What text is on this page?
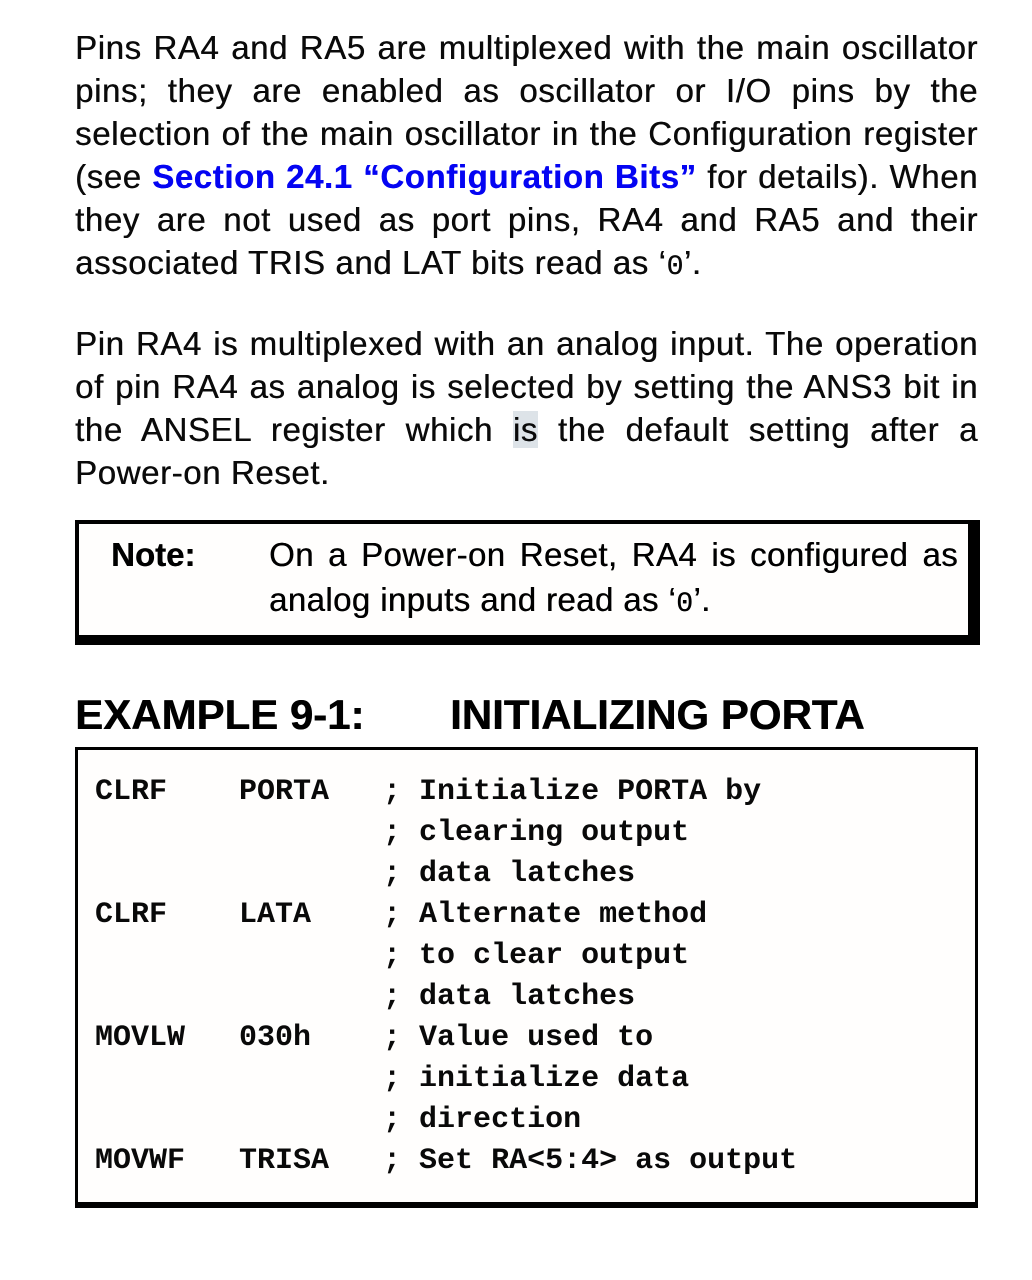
Pins RA4 and RA5 are multiplexed with the main oscillator pins; they are enabled as oscillator or I/O pins by the selection of the main oscillator in the Configuration register (see Section 24.1 “Configuration Bits” for details). When they are not used as port pins, RA4 and RA5 and their associated TRIS and LAT bits read as ‘0’.

Pin RA4 is multiplexed with an analog input. The operation of pin RA4 as analog is selected by setting the ANS3 bit in the ANSEL register which is the default setting after a Power-on Reset.

Note:	On a Power-on Reset, RA4 is configured as analog inputs and read as ‘0’.
EXAMPLE 9-1:	INITIALIZING PORTA
CLRF    PORTA   ; Initialize PORTA by
; clearing output
; data latches
CLRF    LATA    ; Alternate method
; to clear output
; data latches
MOVLW   030h    ; Value used to
; initialize data
; direction
MOVWF   TRISA   ; Set RA<5:4> as output
